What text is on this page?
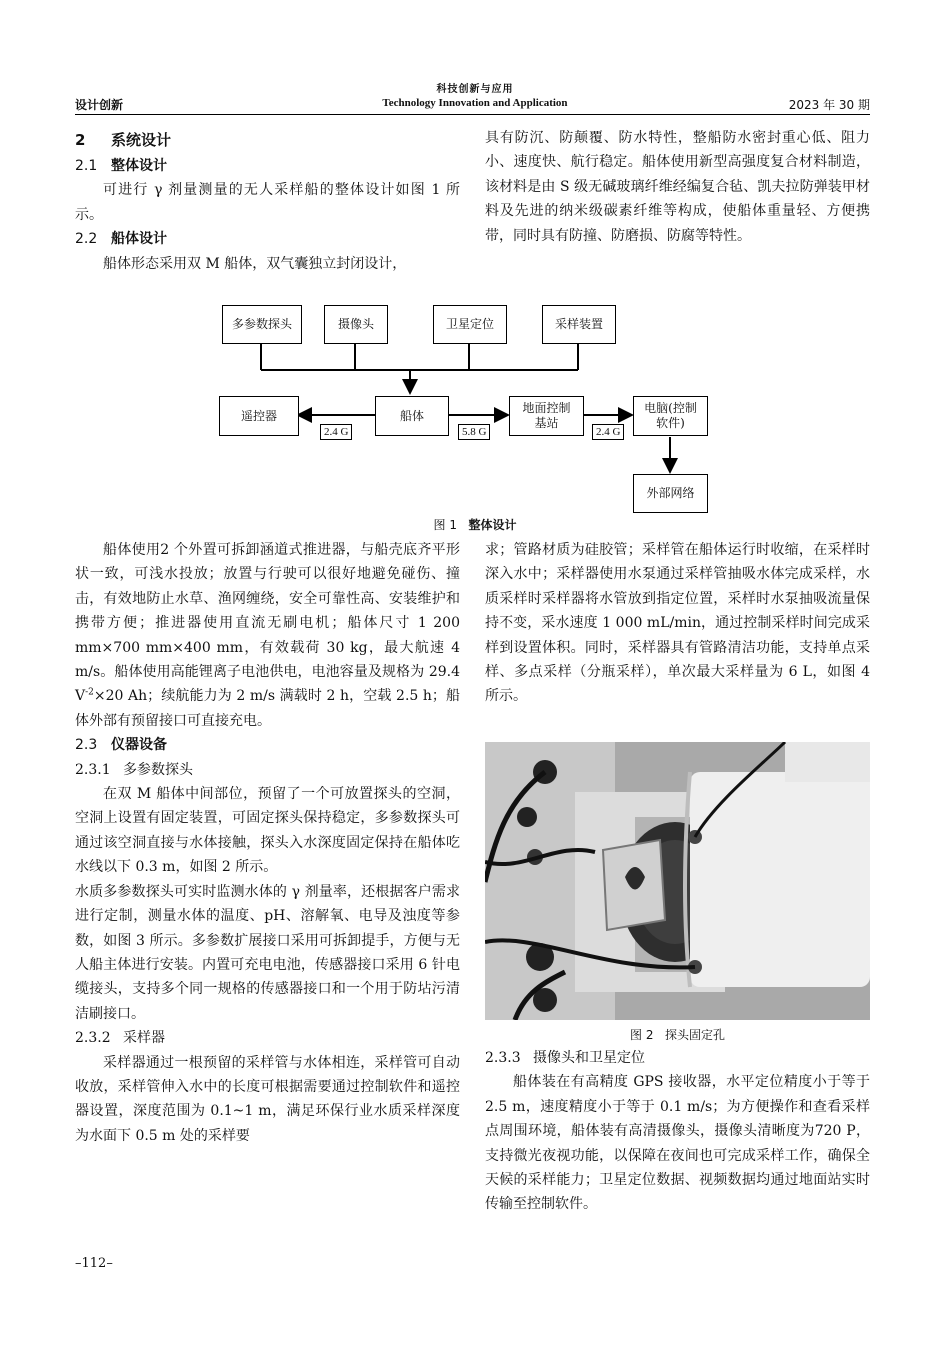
科技创新与应用
设计创新	Technology Innovation and Application	2023 年 30 期
2 系统设计
2.1 整体设计

可进行 γ 剂量测量的无人采样船的整体设计如图 1 所示。

2.2 船体设计

船体形态采用双 M 船体，双气囊独立封闭设计，

具有防沉、防颠覆、防水特性，整船防水密封重心低、阻力小、速度快、航行稳定。船体使用新型高强度复合材料制造，该材料是由 S 级无碱玻璃纤维经编复合毡、凯夫拉防弹装甲材料及先进的纳米级碳素纤维等构成，使船体重量轻、方便携带，同时具有防撞、防磨损、防腐等特性。

多参数探头	摄像头	卫星定位	采样装置
遥控器	船体
地面控制
基站
电脑(控制
软件)
外部网络
2.4 G	5.8 G	2.4 G
图 1 整体设计

船体使用2 个外置可拆卸涵道式推进器，与船壳底齐平形状一致，可浅水投放；放置与行驶可以很好地避免碰伤、撞击，有效地防止水草、渔网缠绕，安全可靠性高、安装维护和携带方便；推进器使用直流无刷电机；船体尺寸 1 200 mm×700 mm×400 mm，有效载荷 30 kg，最大航速 4 m/s。船体使用高能锂离子电池供电，电池容量及规格为 29.4 $V^{-2}\times 20$ Ah；续航能力为 2 m/s 满载时 2 h，空载 2.5 h；船体外部有预留接口可直接充电。

2.3 仪器设备
2.3.1 多参数探头

在双 M 船体中间部位，预留了一个可放置探头的空洞，空洞上设置有固定装置，可固定探头保持稳定，多参数探头可通过该空洞直接与水体接触，探头入水深度固定保持在船体吃水线以下 0.3 m，如图 2 所示。

水质多参数探头可实时监测水体的 γ 剂量率，还根据客户需求进行定制，测量水体的温度、pH、溶解氧、电导及浊度等参数，如图 3 所示。多参数扩展接口采用可拆卸提手，方便与无人船主体进行安装。内置可充电电池，传感器接口采用 6 针电缆接头，支持多个同一规格的传感器接口和一个用于防坫污清洁刷接口。

2.3.2 采样器

采样器通过一根预留的采样管与水体相连，采样管可自动收放，采样管伸入水中的长度可根据需要通过控制软件和遥控器设置，深度范围为 0.1~1 m，满足环保行业水质采样深度为水面下 0.5 m 处的采样要

求；管路材质为硅胶管；采样管在船体运行时收缩，在采样时深入水中；采样器使用水泵通过采样管抽吸水体完成采样，水质采样时采样器将水管放到指定位置，采样时水泵抽吸流量保持不变，采水速度 1 000 mL/min，通过控制采样时间完成采样到设置体积。同时，采样器具有管路清洁功能，支持单点采样、多点采样（分瓶采样），单次最大采样量为 6 L，如图 4 所示。

图 2 探头固定孔
2.3.3 摄像头和卫星定位

船体装在有高精度 GPS 接收器，水平定位精度小于等于 2.5 m，速度精度小于等于 0.1 m/s；为方便操作和查看采样点周围环境，船体装有高清摄像头，摄像头清晰度为720 P，支持微光夜视功能，以保障在夜间也可完成采样工作，确保全天候的采样能力；卫星定位数据、视频数据均通过地面站实时传输至控制软件。

–112–
